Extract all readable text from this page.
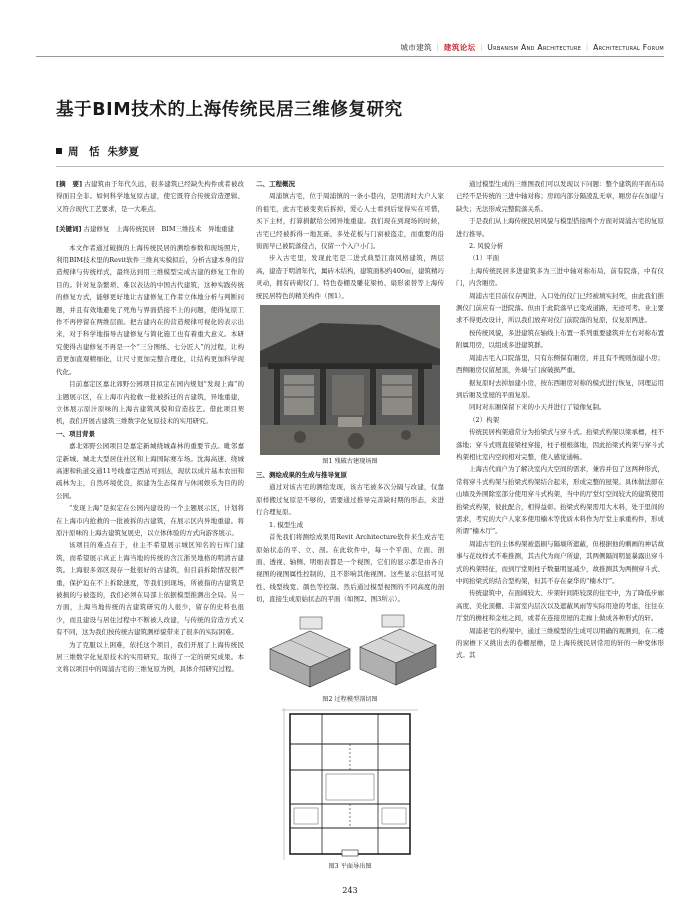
城市建筑 ｜ 建筑论坛 ｜ Urbanism And Architecture ｜ Architectural Forum
基于BIM技术的上海传统民居三维修复研究
周　恬 朱梦夏

[摘　要] 古建筑由于年代久远，很多建筑已经缺失构件或者被改得面目全非。如何科学地复原古建，使它既符合传统营造逻辑、又符合现代工艺要求，是一大难点。

[关键词] 古建修复　上海传统民居　BIM三维技术　异地重建

本文作者通过破损的上海传统民居的测绘参数和现场照片，利用BIM技术里的Revit软件三维真实模拟后，分析古建本身的营造规律与传统样式，最终达到用三维模型完成古建的修复工作的目的。针对复杂繁琐、难以表达的中国古代建筑，这种实践传统的修复方式，能够更好地让古建修复工作者立体地分析与判断问题，并且有效地避免了死角与界面搭接不上的问题，使得复原工作不再停留在两维层面。把古建内在的营造规律可视化的表示出来，对于科学地指导古建修复与简化施工也有着重大意义。本研究使得古建修复不再是一个“三分图纸、七分匠人”的过程，让构造更加直观精细化，让尺寸更加完整合理化，让结构更加科学现代化。

目前嘉定区嘉北郊野公园项目拟定在园内规划“发现上海”的主题展示区，在上海市内抢救一批被拆迁的古建筑，异地重建，立体展示原汁原味的上海古建筑风貌和营造技艺。借此项目契机，我们开展古建筑三维数字化复原技术的实用研究。

一、项目背景

嘉北郊野公园项目是嘉定新城绕城森林的重要节点。毗邻嘉定新城、城北大型居住社区和上海国际赛车场。沈海高速、绕城高速和轨道交通11号线嘉定西站可到达，现状以成片基本农田和疏林为主，自然环境优良，拟建为生态保育与休闲娱乐为目的的公园。

“发现上海”是拟定在公园内建设的一个主题展示区，计划将在上海市内抢救的一批被拆的古建筑，在展示区内异地重建。将原汁原味的上海古建筑复展史，以立体体验的方式向游客展示。

该项目的难点在于，业主不希望展示城区知名的石库门建筑，而希望展示真正上海当地的传统的含江浙吴地格的明清古建筑。上海很多郊区现存一批很好的古建筑，但目前拆除情况很严重，保护迫在不上拆除速度，等我们到现场，所被指的古建筑是被损的与被盗的，我们必须在局部上依据模型推测出全局。另一方面，上海当地传统的古建筑研究的人很少，留存的史料也很少，而且建设与居住过程中不断被人改建，与传统的营造方式又有不同，这为我们按传统古建筑测样貌带来了很多的实际困难。

为了克服以上困难，依托这个项目，我们开展了上海传统民居三维数字化复原技术的实用研究，取得了一定的研究成果。本文将以项目中的周浦古宅的三维复原为例，具体介绍研究过程。

二、工程概况

周浦镇古宅，位于周浦镇的一条小巷内，是明清时大户人家的祖宅，此古宅被变卖后拆掉，爱心人士看到后觉得实在可惜，买下主材，打算捐献给公园异地重建。我们现在到现场的时候，古宅已经被拆得一地瓦砾，多处花板与门窗被盗走，而重要的沿街面早已被院落侵占，仅留一个入户小门。

步入古宅里，发现此宅是二进式典型江南风格建筑，两层高，建造于明清年代，属砖木结构，建筑面积约400㎡，建筑精巧灵动，拥有砖砌仪门、特色卷棚及雕花梁枋、扇形雀替等上海传统民居特色的精美构件（图1）。

图1 残破古建现场图

三、测绘成果的生成与推导复原

通过对该古宅的测绘发现，该古宅被多次分隔与改建，仅靠原样搬过复原是不够的，需要通过推导完善缺时期的形态，来进行合理复原。

1. 模型生成

首先我们将测绘成果用Revit Architecture软件来生成古宅原始状态的平、立、剖。在此软件中，每一个平面、立面、剖面、透视、轴侧、明细表都是一个视图，它们的显示都是由各自视图的视图属性控制的，且不影响其他视图。这些显示包括可见性、线型线宽、颜色等控制。然后通过模型视图的不同高度的剖切，直接生成原始状态的平面（如图2、图3所示）。

图2 过程模型剖切图

图3 平面导出图

通过模型生成的三维图我们可以发现以下问题：整个建筑的平面布局已经不是传统的三进中轴对称；房间内部分隔凌乱无章，厢房存在加建与缺失；无法形成完整院落关系。

于是我们从上海传统民居风貌与模型搭接两个方面对周浦古宅的复原进行推导。

2. 风貌分析

（1）平面

上海传统民居多进建筑多为三进中轴对称布局，前有院落，中有仪门，内含厢房。

周浦古宅目前仅存两进，入口处的仪门已经被填实封死，由此我们推测仪门前应有一进院落。但由于此院落早已变成道路，无迹可考。业主要求不得更改设计，所以我们放弃对仪门前院落的复原，仅复原两进。

按传统风貌，多进建筑在轴线上布置一系列重要建筑并左右对称布置附属用房，以组成多进建筑群。

周浦古宅入口院落里，只有东侧保有厢房，并且有不规则加建小房；西侧厢房仅留屋顶，外墙与门窗破损严重。

据复原时去掉加建小房，按东西厢房对称的模式进行恢复，同理运用到后厢及堂屋的平面复原。

同时对东厢保留下来的小天井进行了镜像复制。

（2）构架

传统民居构架通常分为抬梁式与穿斗式。抬梁式构架以梁承檩，柱不落地；穿斗式则直接梁柱穿接，柱子根根落地，因此抬梁式构架与穿斗式构架相比室内空间相对完整，使人感觉通畅。

上海古代商户为了解决室内大空间的需求，兼容并包了这两种形式，常将穿斗式构架与抬梁式构架结合起来，形成完整的屋架。具体做法即在山墙及外围除室部分使用穿斗式构架，当中的厅堂灯空间较大的建筑使用抬梁式构架，彼此配合，相得益彰。抬梁式构架需用大木料，处于里间的需求，考究的大户人家多使用楠木等优质木料作为厅堂主承重构件，形成所谓“楠木厅”。

周浦古宅的主体构架被盗刷与隔墙所遮蔽，但根据他的剩画的神话故事与花纹样式不难推测，其古代为商户所建，其两侧隔间明显暴露出穿斗式的构架特征，而到厅堂则柱子数量明显减少，故推测其为两侧穿斗式、中间抬梁式的结合型构架，但其不存在豪华的“楠木厅”。

传统建筑中，在面阔较大、步架轩间距较深的住宅中，为了降低步廊高度、美化顶棚、丰富室内层次以及遮蔽风雨等实际用途的考虑，往往在厅堂的檐柱和金柱之间，或者在连接房屋的走廊上做成各种形式的轩。

周浦老宅的构架中，通过三维模型的生成可以明确的观测到，在二楼的窗檐下又挑出去的卷棚屋檐，是上海传统民居常用的轩的一种变体形式。其

243
